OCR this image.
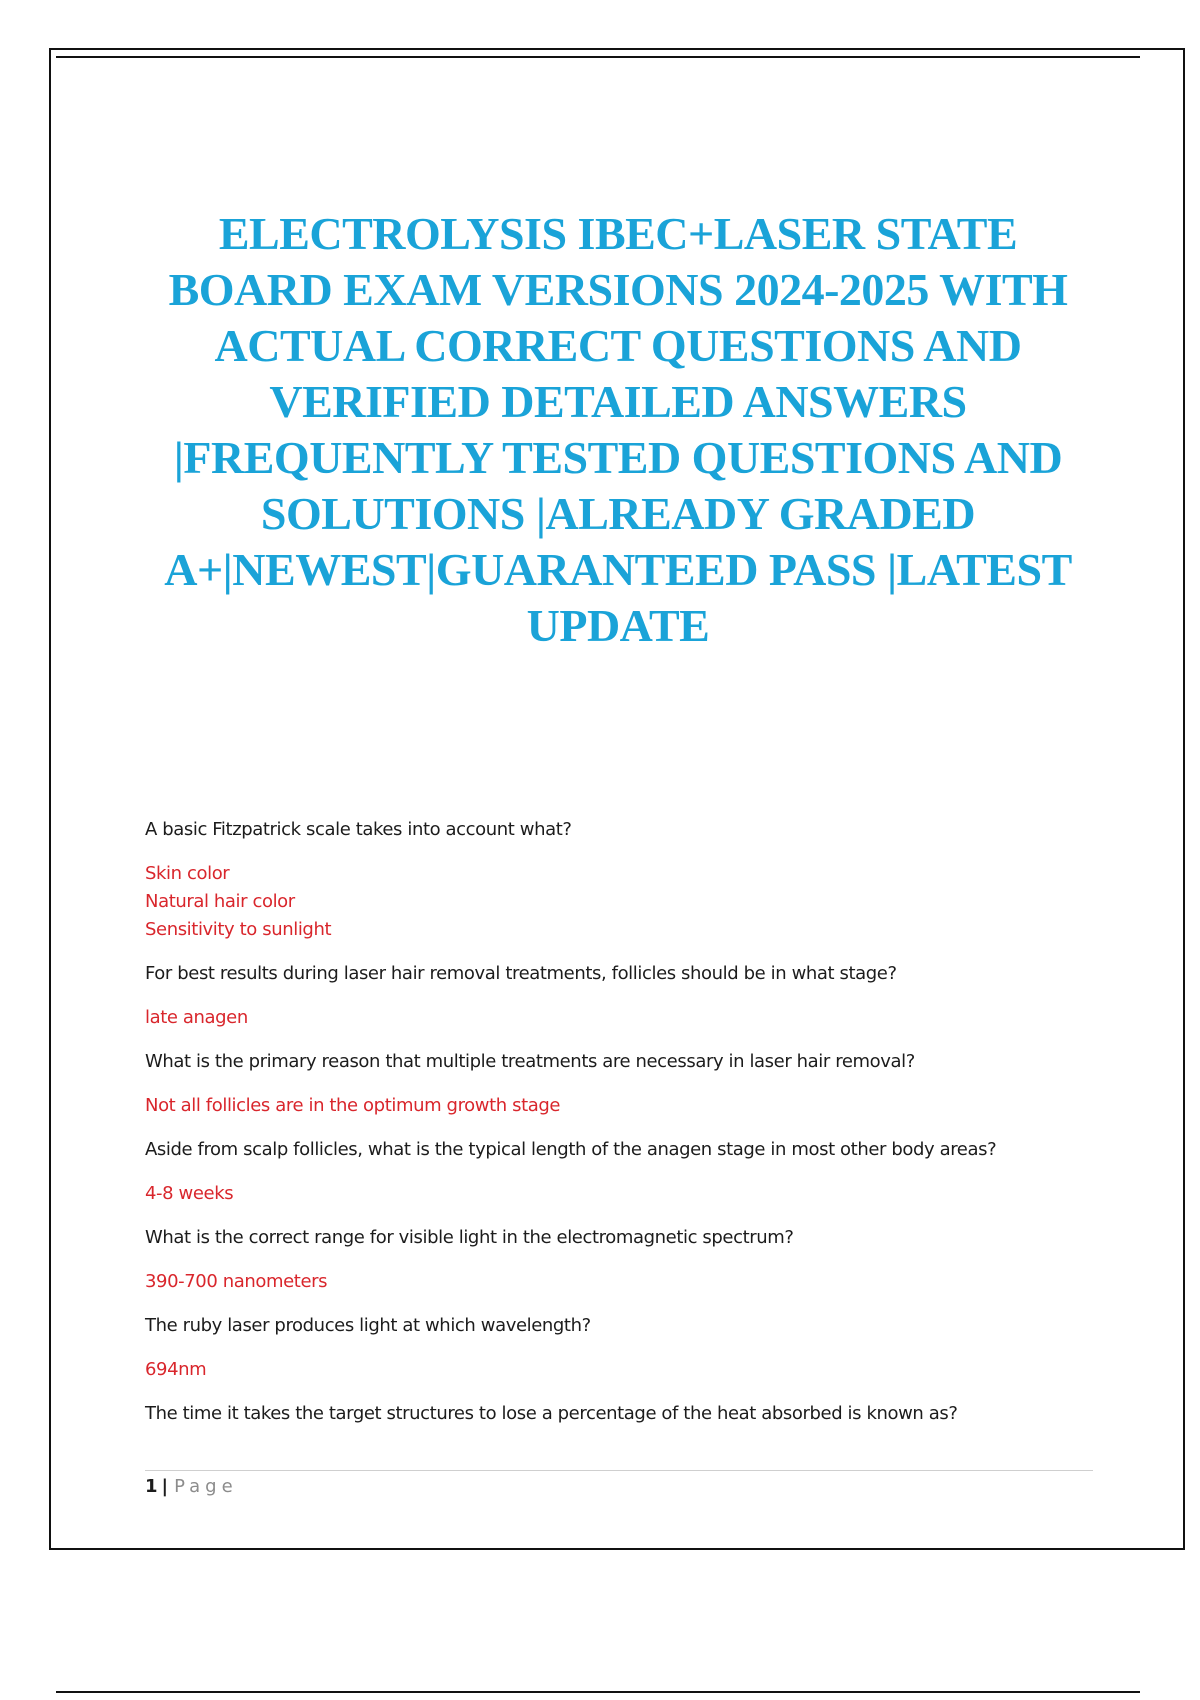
ELECTROLYSIS IBEC+LASER STATE
BOARD EXAM VERSIONS 2024-2025 WITH
ACTUAL CORRECT QUESTIONS AND
VERIFIED DETAILED ANSWERS
|FREQUENTLY TESTED QUESTIONS AND
SOLUTIONS |ALREADY GRADED
A+|NEWEST|GUARANTEED PASS |LATEST
UPDATE

A basic Fitzpatrick scale takes into account what?

Skin color
Natural hair color
Sensitivity to sunlight

For best results during laser hair removal treatments, follicles should be in what stage?

late anagen

What is the primary reason that multiple treatments are necessary in laser hair removal?

Not all follicles are in the optimum growth stage

Aside from scalp follicles, what is the typical length of the anagen stage in most other body areas?

4-8 weeks

What is the correct range for visible light in the electromagnetic spectrum?

390-700 nanometers

The ruby laser produces light at which wavelength?

694nm

The time it takes the target structures to lose a percentage of the heat absorbed is known as?

1 | Page
